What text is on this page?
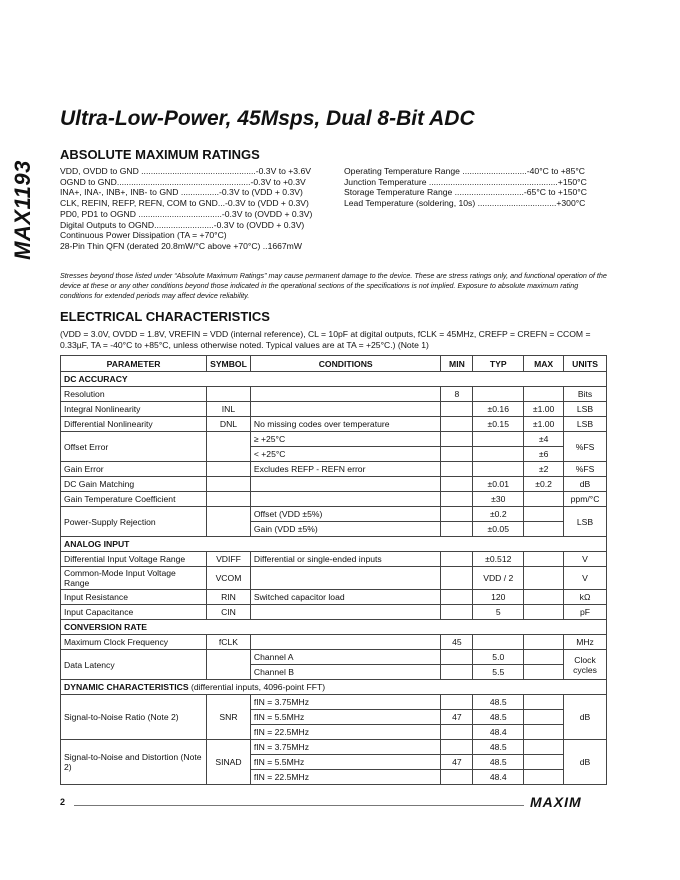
MAX1193
Ultra-Low-Power, 45Msps, Dual 8-Bit ADC
ABSOLUTE MAXIMUM RATINGS
VDD, OVDD to GND ................................................-0.3V to +3.6V
OGND to GND........................................................-0.3V to +0.3V
INA+, INA-, INB+, INB- to GND ................-0.3V to (VDD + 0.3V)
CLK, REFIN, REFP, REFN, COM to GND...-0.3V to (VDD + 0.3V)
PD0, PD1 to OGND ...................................-0.3V to (OVDD + 0.3V)
Digital Outputs to OGND.........................-0.3V to (OVDD + 0.3V)
Continuous Power Dissipation (TA = +70°C)
28-Pin Thin QFN (derated 20.8mW/°C above +70°C) ..1667mW
Operating Temperature Range ...........................-40°C to +85°C
Junction Temperature ......................................................+150°C
Storage Temperature Range .............................-65°C to +150°C
Lead Temperature (soldering, 10s) .................................+300°C
Stresses beyond those listed under “Absolute Maximum Ratings” may cause permanent damage to the device. These are stress ratings only, and functional operation of the device at these or any other conditions beyond those indicated in the operational sections of the specifications is not implied. Exposure to absolute maximum rating conditions for extended periods may affect device reliability.
ELECTRICAL CHARACTERISTICS
(VDD = 3.0V, OVDD = 1.8V, VREFIN = VDD (internal reference), CL = 10pF at digital outputs, fCLK = 45MHz, CREFP = CREFN = CCOM = 0.33µF, TA = -40°C to +85°C, unless otherwise noted. Typical values are at TA = +25°C.) (Note 1)
PARAMETER	SYMBOL	CONDITIONS	MIN	TYP	MAX	UNITS
DC ACCURACY						
Resolution			8			Bits
Integral Nonlinearity	INL			±0.16	±1.00	LSB
Differential Nonlinearity	DNL	No missing codes over temperature		±0.15	±1.00	LSB
Offset Error		≥ +25°C			±4	%FS
		< +25°C			±6	
Gain Error		Excludes REFP - REFN error			±2	%FS
DC Gain Matching				±0.01	±0.2	dB
Gain Temperature Coefficient				±30		ppm/°C
Power-Supply Rejection		Offset (VDD ±5%)		±0.2		LSB
		Gain (VDD ±5%)		±0.05		
ANALOG INPUT						
Differential Input Voltage Range	VDIFF	Differential or single-ended inputs		±0.512		V
Common-Mode Input Voltage Range	VCOM			VDD / 2		V
Input Resistance	RIN	Switched capacitor load		120		kΩ
Input Capacitance	CIN			5		pF
CONVERSION RATE						
Maximum Clock Frequency	fCLK		45			MHz
Data Latency		Channel A		5.0		Clock cycles
		Channel B		5.5		
DYNAMIC CHARACTERISTICS (differential inputs, 4096-point FFT)						
Signal-to-Noise Ratio (Note 2)	SNR	fIN = 3.75MHz		48.5		dB
		fIN = 5.5MHz	47	48.5		
		fIN = 22.5MHz		48.4		
Signal-to-Noise and Distortion (Note 2)	SINAD	fIN = 3.75MHz		48.5		dB
		fIN = 5.5MHz	47	48.5		
		fIN = 22.5MHz		48.4		
2	MAXIM
